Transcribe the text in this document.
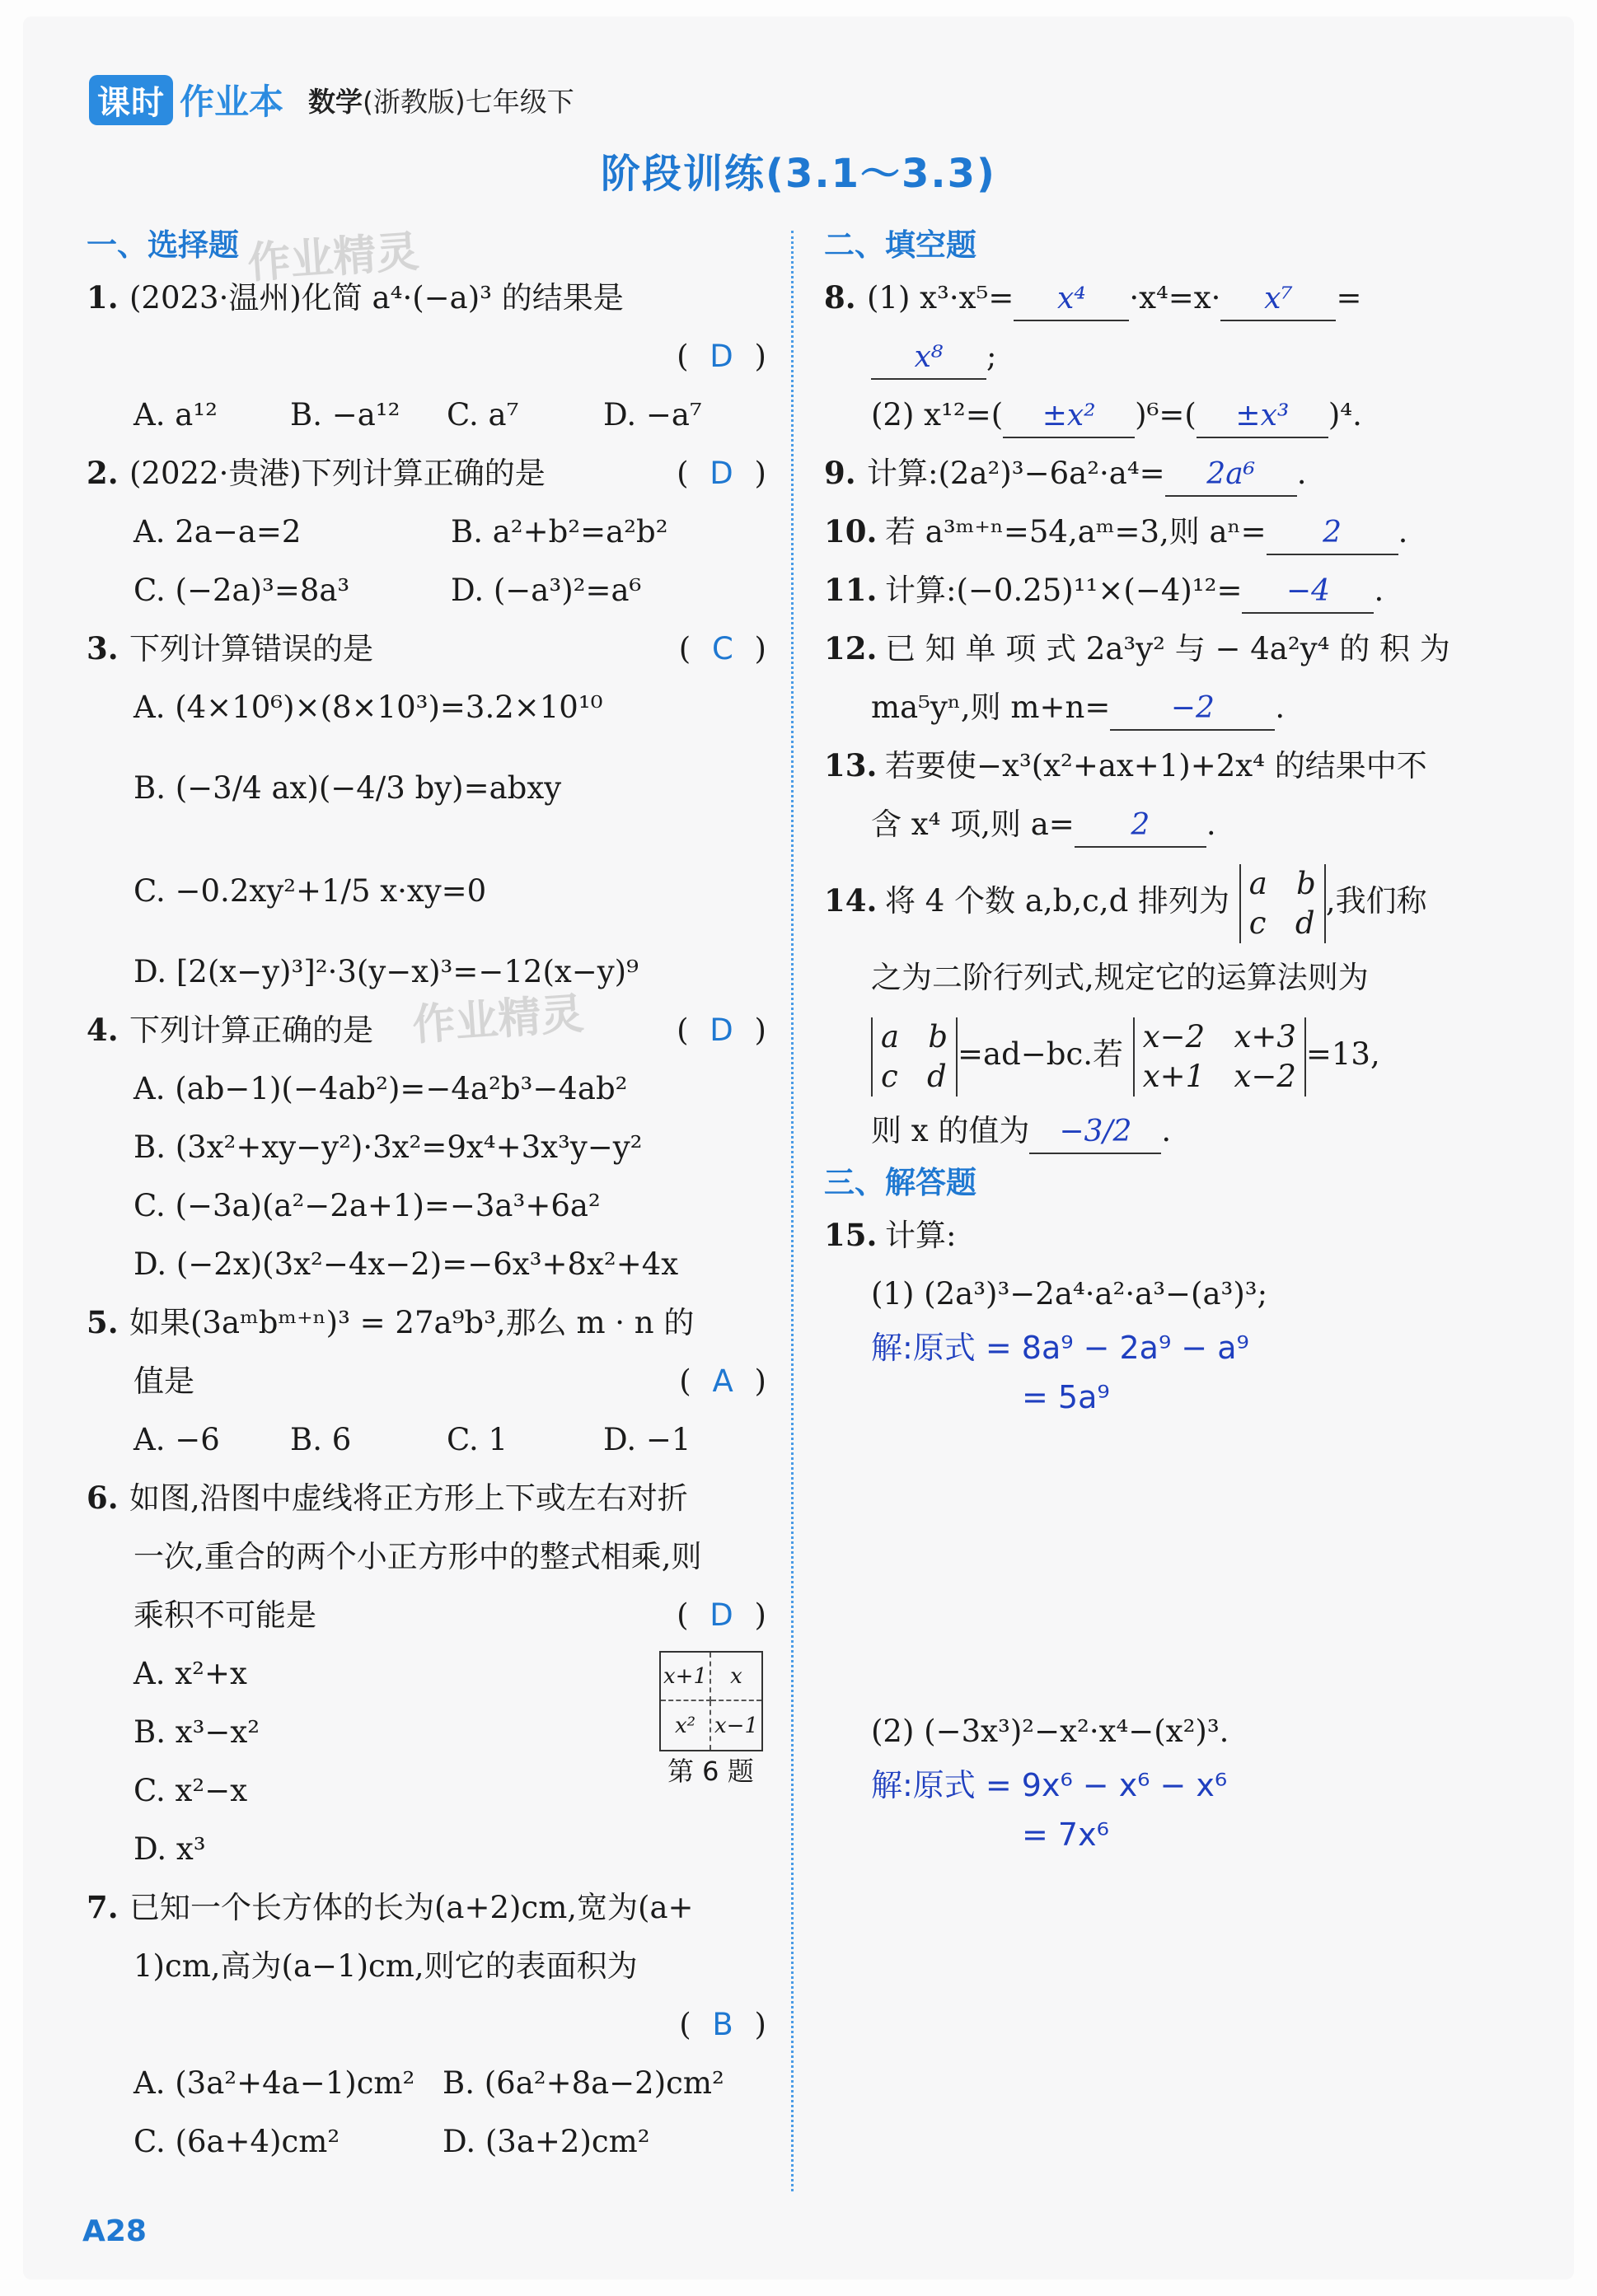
课时 作业本 数学(浙教版)七年级下
阶段训练(3.1～3.3)
作业精灵
作业精灵
一、选择题
1. (2023·温州)化简 a⁴·(−a)³ 的结果是
( D )
A. a¹²	B. −a¹²	C. a⁷	D. −a⁷
2. (2022·贵港)下列计算正确的是	( D )
A. 2a−a=2	B. a²+b²=a²b²
C. (−2a)³=8a³	D. (−a³)²=a⁶
3. 下列计算错误的是	( C )
A. (4×10⁶)×(8×10³)=3.2×10¹⁰
B. (−3/4 ax)(−4/3 by)=abxy
C. −0.2xy²+1/5 x·xy=0
D. [2(x−y)³]²·3(y−x)³=−12(x−y)⁹
4. 下列计算正确的是	( D )
A. (ab−1)(−4ab²)=−4a²b³−4ab²
B. (3x²+xy−y²)·3x²=9x⁴+3x³y−y²
C. (−3a)(a²−2a+1)=−3a³+6a²
D. (−2x)(3x²−4x−2)=−6x³+8x²+4x
5. 如果(3aᵐbᵐ⁺ⁿ)³ = 27a⁹b³,那么 m · n 的
值是	( A )
A. −6	B. 6	C. 1	D. −1
6. 如图,沿图中虚线将正方形上下或左右对折
一次,重合的两个小正方形中的整式相乘,则
乘积不可能是	( D )
A. x²+x
B. x³−x²
C. x²−x
D. x³
x+1	x
x² x−1
第 6 题
7. 已知一个长方体的长为(a+2)cm,宽为(a+
1)cm,高为(a−1)cm,则它的表面积为
( B )
A. (3a²+4a−1)cm² B. (6a²+8a−2)cm²
C. (6a+4)cm²	D. (3a+2)cm²
二、填空题
8. (1) x³·x⁵= x⁴ ·x⁴=x· x⁷ =
x⁸ ;
(2) x¹²=( ±x² )⁶=( ±x³ )⁴.
9. 计算:(2a²)³−6a²·a⁴= 2a⁶ .
10. 若 a³ᵐ⁺ⁿ=54,aᵐ=3,则 aⁿ= 2 .
11. 计算:(−0.25)¹¹×(−4)¹²= −4 .
12. 已 知 单 项 式 2a³y² 与 − 4a²y⁴ 的 积 为
ma⁵yⁿ,则 m+n= −2 .
13. 若要使−x³(x²+ax+1)+2x⁴ 的结果中不
含 x⁴ 项,则 a= 2 .
14. 将 4 个数 a,b,c,d 排列为 a b
c d,我们称
之为二阶行列式,规定它的运算法则为
a b
c d=ad−bc.若 x−2 x+3
x+1 x−2=13,
则 x 的值为 −3/2 .
三、解答题
15. 计算:
(1) (2a³)³−2a⁴·a²·a³−(a³)³;
解:原式 = 8a⁹ − 2a⁹ − a⁹
= 5a⁹
(2) (−3x³)²−x²·x⁴−(x²)³.
解:原式 = 9x⁶ − x⁶ − x⁶
= 7x⁶
A28
